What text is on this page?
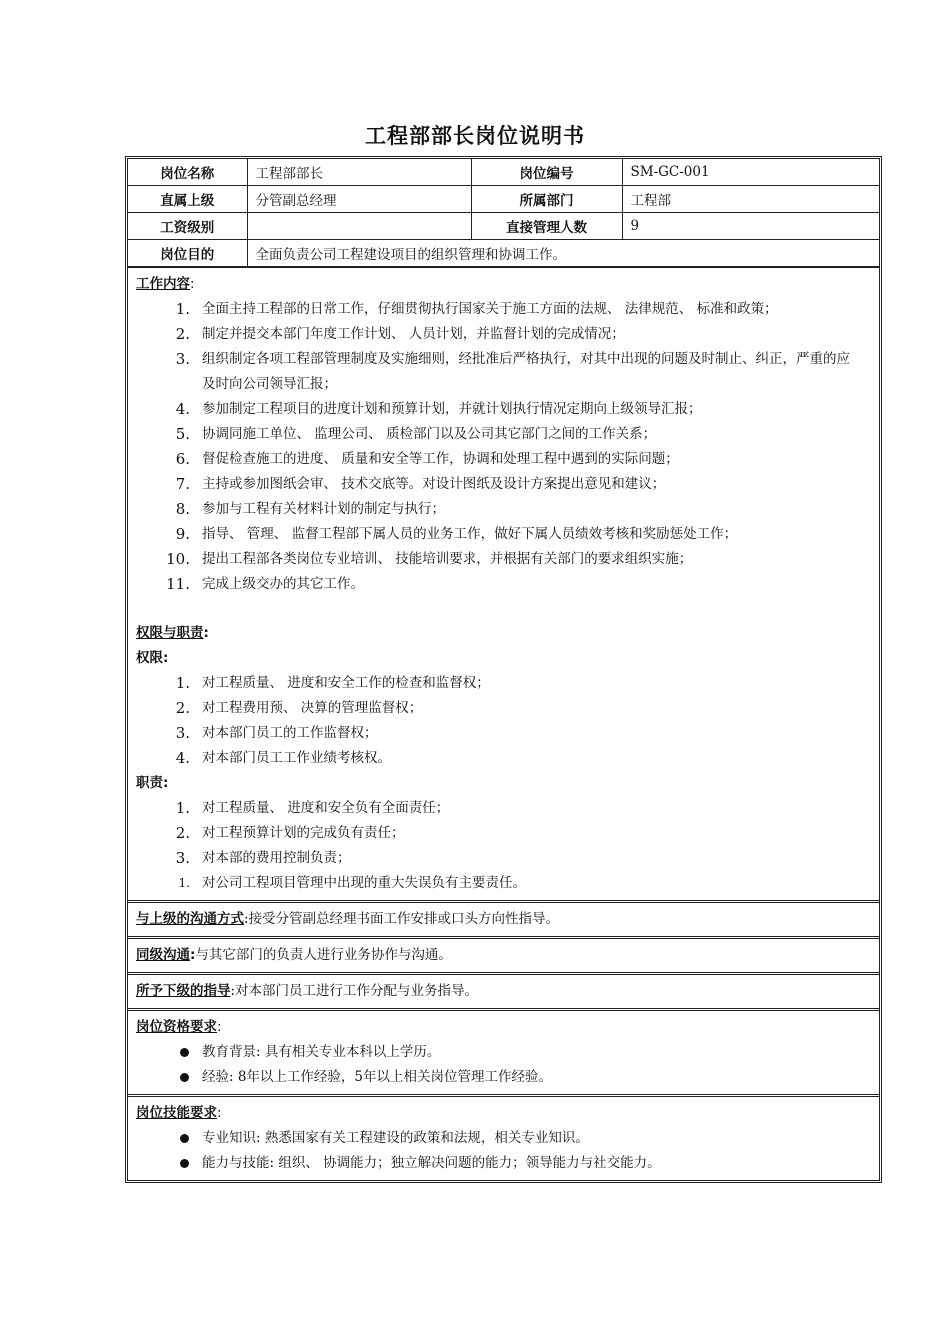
工程部部长岗位说明书
岗位名称	工程部部长	岗位编号	SM-GC-001
直属上级	分管副总经理	所属部门	工程部
工资级别		直接管理人数	9
岗位目的	全面负责公司工程建设项目的组织管理和协调工作。		
工作内容:
1. 全面主持工程部的日常工作，仔细贯彻执行国家关于施工方面的法规、 法律规范、 标准和政策；
2. 制定并提交本部门年度工作计划、 人员计划，并监督计划的完成情况；
3. 组织制定各项工程部管理制度及实施细则，经批准后严格执行，对其中出现的问题及时制止、纠正，严重的应及时向公司领导汇报；
4. 参加制定工程项目的进度计划和预算计划，并就计划执行情况定期向上级领导汇报；
5. 协调同施工单位、 监理公司、 质检部门以及公司其它部门之间的工作关系；
6. 督促检查施工的进度、 质量和安全等工作，协调和处理工程中遇到的实际问题；
7. 主持或参加图纸会审、 技术交底等。对设计图纸及设计方案提出意见和建议；
8. 参加与工程有关材料计划的制定与执行；
9. 指导、 管理、 监督工程部下属人员的业务工作，做好下属人员绩效考核和奖励惩处工作；
10. 提出工程部各类岗位专业培训、 技能培训要求，并根据有关部门的要求组织实施；
11. 完成上级交办的其它工作。
权限与职责:
权限:
1. 对工程质量、 进度和安全工作的检查和监督权；
2. 对工程费用预、 决算的管理监督权；
3. 对本部门员工的工作监督权；
4. 对本部门员工工作业绩考核权。
职责:
1. 对工程质量、 进度和安全负有全面责任；
2. 对工程预算计划的完成负有责任；
3. 对本部的费用控制负责；
1. 对公司工程项目管理中出现的重大失误负有主要责任。
与上级的沟通方式:接受分管副总经理书面工作安排或口头方向性指导。
同级沟通:与其它部门的负责人进行业务协作与沟通。
所予下级的指导:对本部门员工进行工作分配与业务指导。
岗位资格要求:
教育背景: 具有相关专业本科以上学历。
经验: 8年以上工作经验，5年以上相关岗位管理工作经验。
岗位技能要求:
专业知识: 熟悉国家有关工程建设的政策和法规，相关专业知识。
能力与技能: 组织、 协调能力；独立解决问题的能力；领导能力与社交能力。
